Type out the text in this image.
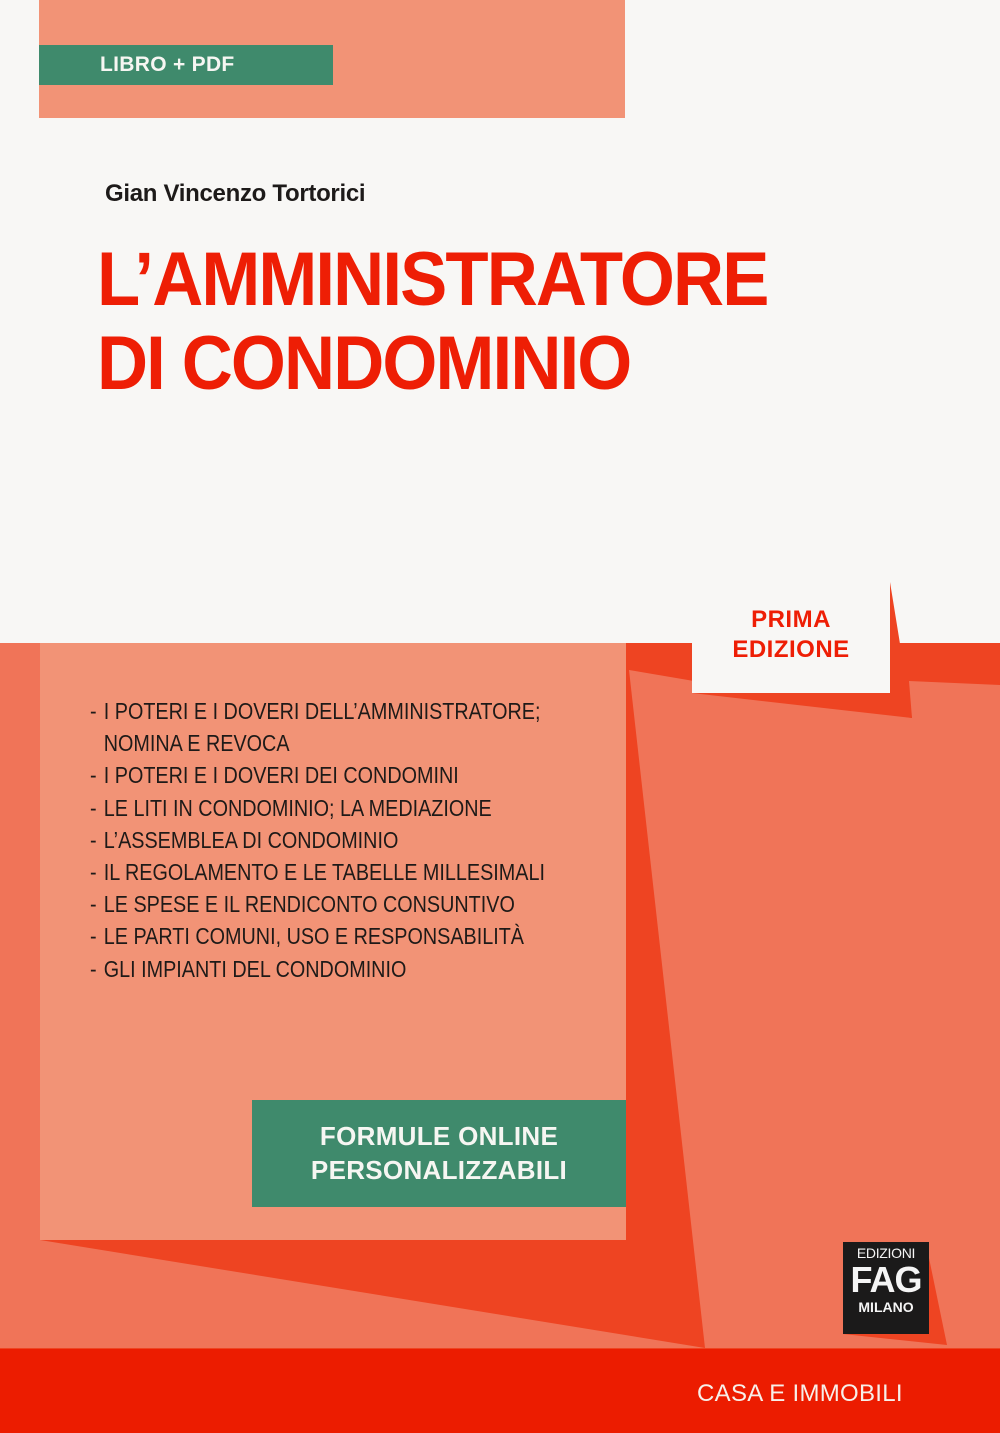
LIBRO + PDF
Gian Vincenzo Tortorici
L’AMMINISTRATORE
DI CONDOMINIO
PRIMA
EDIZIONE
- I POTERI E I DOVERI DELL’AMMINISTRATORE;
NOMINA E REVOCA
- I POTERI E I DOVERI DEI CONDOMINI
- LE LITI IN CONDOMINIO; LA MEDIAZIONE
- L’ASSEMBLEA DI CONDOMINIO
- IL REGOLAMENTO E LE TABELLE MILLESIMALI
- LE SPESE E IL RENDICONTO CONSUNTIVO
- LE PARTI COMUNI, USO E RESPONSABILITÀ
- GLI IMPIANTI DEL CONDOMINIO
FORMULE ONLINE
PERSONALIZZABILI
EDIZIONI
FAG
MILANO
CASA E IMMOBILI
